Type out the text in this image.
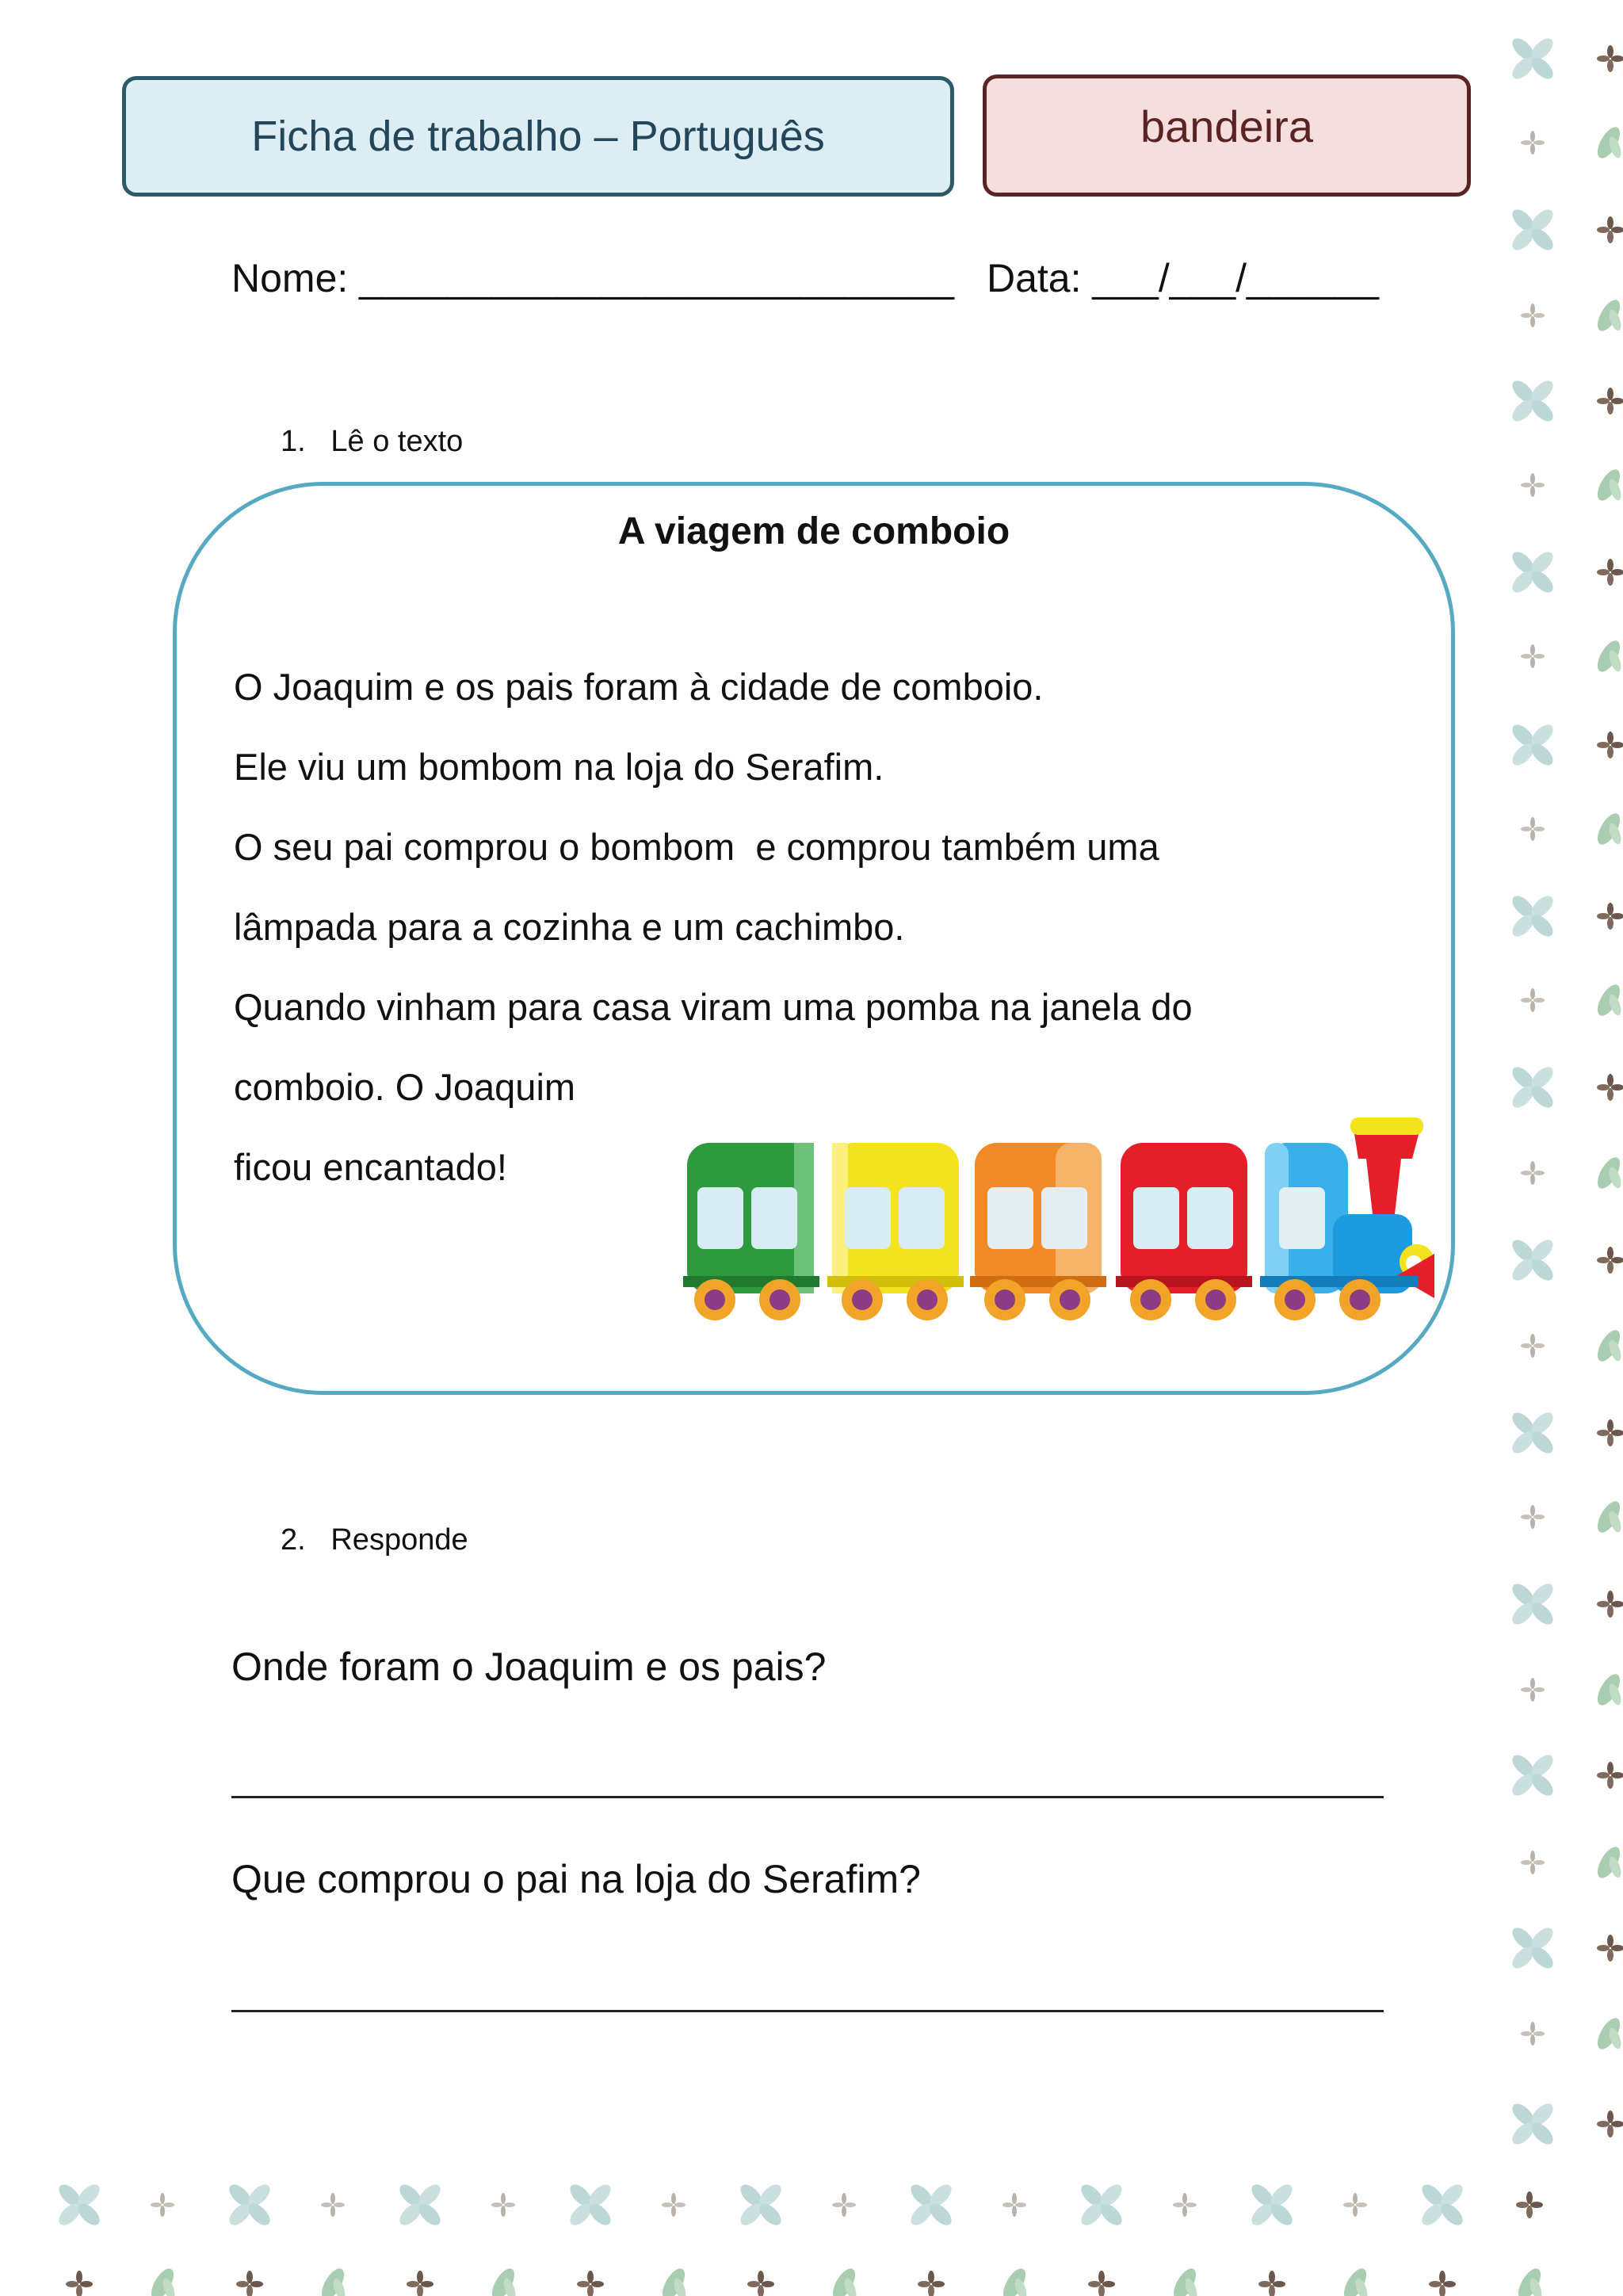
Ficha de trabalho – Português	bandeira
Nome: ___________________________ Data: ___/___/______
1.   Lê o texto
A viagem de comboio
O Joaquim e os pais foram à cidade de comboio.
Ele viu um bombom na loja do Serafim.
O seu pai comprou o bombom  e comprou também uma
lâmpada para a cozinha e um cachimbo.
Quando vinham para casa viram uma pomba na janela do
comboio. O Joaquim
ficou encantado!
2.   Responde
Onde foram o Joaquim e os pais?
Que comprou o pai na loja do Serafim?
